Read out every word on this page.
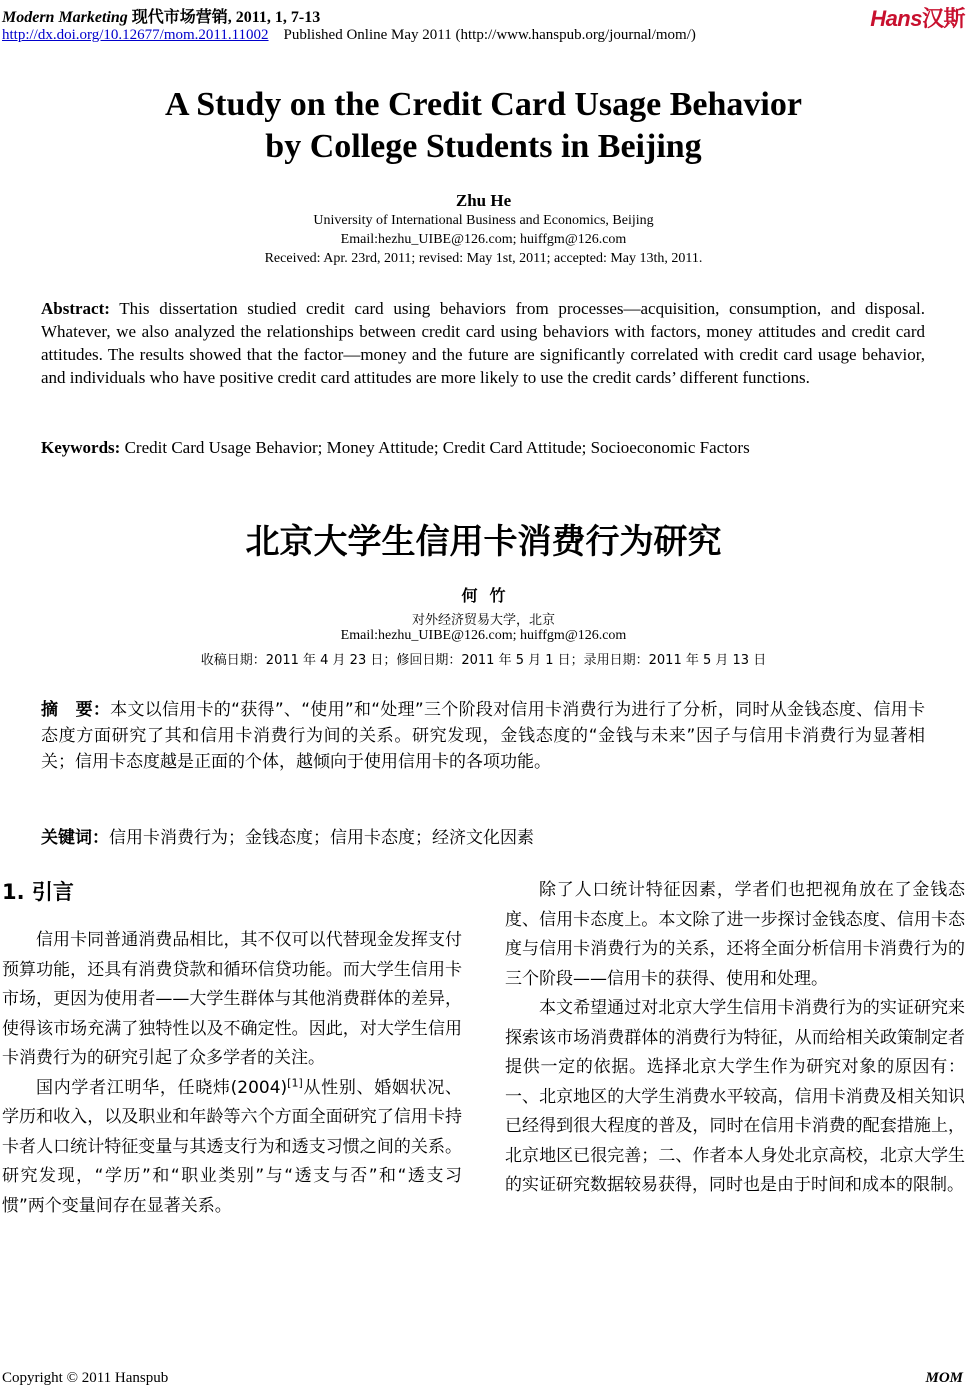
Modern Marketing 现代市场营销, 2011, 1, 7-13
http://dx.doi.org/10.12677/mom.2011.11002 Published Online May 2011 (http://www.hanspub.org/journal/mom/)
Hans汉斯
A Study on the Credit Card Usage Behavior
by College Students in Beijing
Zhu He
University of International Business and Economics, Beijing
Email:hezhu_UIBE@126.com; huiffgm@126.com
Received: Apr. 23rd, 2011; revised: May 1st, 2011; accepted: May 13th, 2011.
Abstract: This dissertation studied credit card using behaviors from processes—acquisition, consumption, and disposal. Whatever, we also analyzed the relationships between credit card using behaviors with factors, money attitudes and credit card attitudes. The results showed that the factor—money and the future are significantly correlated with credit card usage behavior, and individuals who have positive credit card attitudes are more likely to use the credit cards’ different functions.
Keywords: Credit Card Usage Behavior; Money Attitude; Credit Card Attitude; Socioeconomic Factors
北京大学生信用卡消费行为研究
何竹
对外经济贸易大学，北京
Email:hezhu_UIBE@126.com; huiffgm@126.com
收稿日期：2011 年 4 月 23 日；修回日期：2011 年 5 月 1 日；录用日期：2011 年 5 月 13 日
摘　要：本文以信用卡的“获得”、“使用”和“处理”三个阶段对信用卡消费行为进行了分析，同时从金钱态度、信用卡态度方面研究了其和信用卡消费行为间的关系。研究发现，金钱态度的“金钱与未来”因子与信用卡消费行为显著相关；信用卡态度越是正面的个体，越倾向于使用信用卡的各项功能。
关键词：信用卡消费行为；金钱态度；信用卡态度；经济文化因素
1. 引言

信用卡同普通消费品相比，其不仅可以代替现金发挥支付预算功能，还具有消费贷款和循环信贷功能。而大学生信用卡市场，更因为使用者——大学生群体与其他消费群体的差异，使得该市场充满了独特性以及不确定性。因此，对大学生信用卡消费行为的研究引起了众多学者的关注。

国内学者江明华，任晓炜(2004)[1]从性别、婚姻状况、学历和收入，以及职业和年龄等六个方面全面研究了信用卡持卡者人口统计特征变量与其透支行为和透支习惯之间的关系。研究发现，“学历”和“职业类别”与“透支与否”和“透支习惯”两个变量间存在显著关系。

除了人口统计特征因素，学者们也把视角放在了金钱态度、信用卡态度上。本文除了进一步探讨金钱态度、信用卡态度与信用卡消费行为的关系，还将全面分析信用卡消费行为的三个阶段——信用卡的获得、使用和处理。

本文希望通过对北京大学生信用卡消费行为的实证研究来探索该市场消费群体的消费行为特征，从而给相关政策制定者提供一定的依据。选择北京大学生作为研究对象的原因有：一、北京地区的大学生消费水平较高，信用卡消费及相关知识已经得到很大程度的普及，同时在信用卡消费的配套措施上，北京地区已很完善；二、作者本人身处北京高校，北京大学生的实证研究数据较易获得，同时也是由于时间和成本的限制。

Copyright © 2011 Hanspub	MOM
